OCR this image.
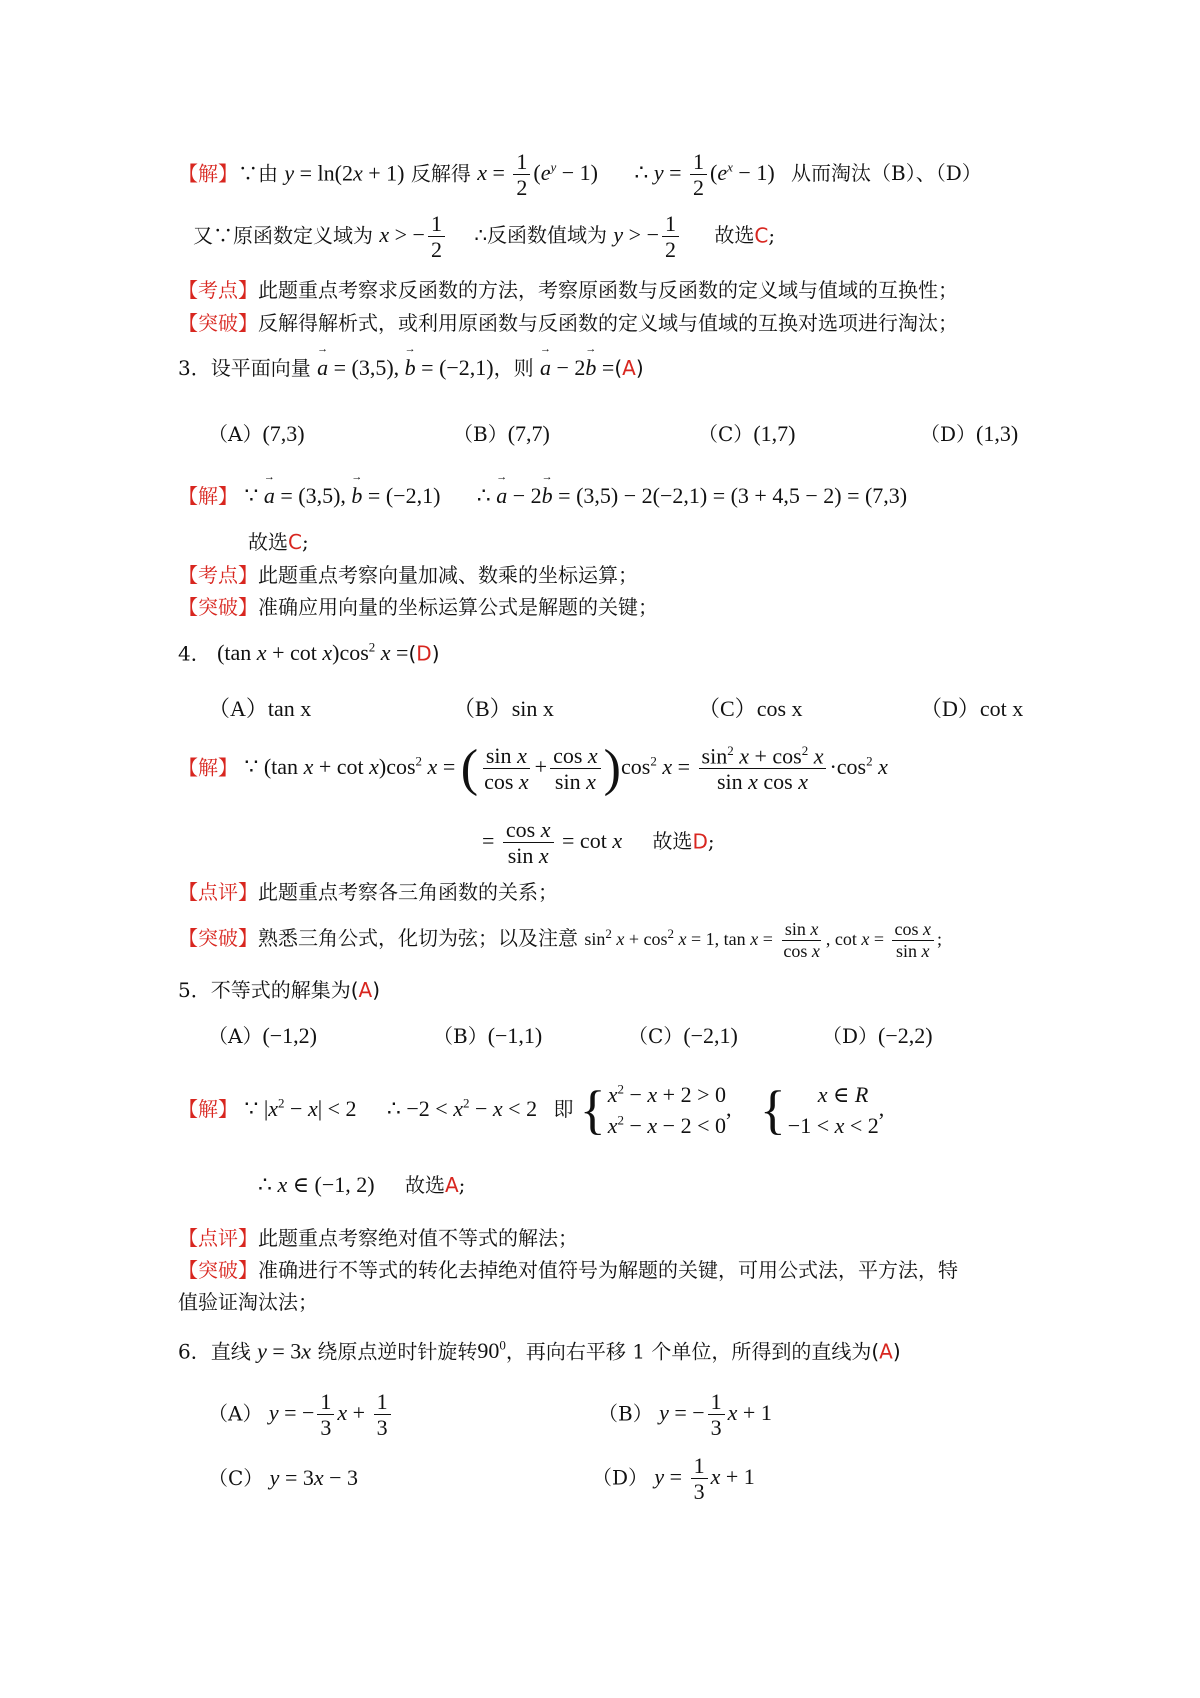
【解】∵由 y = ln(2x + 1) 反解得 $x = \frac{1}{2} (e^y - 1)$ ∴ $y = \frac{1}{2} (e^x - 1)$ 从而淘汰（B）、（D）
又∵原函数定义域为 x > − $\frac{1}{2}$ ∴反函数值域为 y > − $\frac{1}{2}$ 故选C;
【考点】此题重点考察求反函数的方法，考察原函数与反函数的定义域与值域的互换性；
【突破】反解得解析式，或利用原函数与反函数的定义域与值域的互换对选项进行淘汰；
3．设平面向量 → a = (3,5), → b = (−2,1)，则 → a − 2→ b =(A)
（A）(7,3)	（B）(7,7)	（C）(1,7)	（D）(1,3)
【解】 ∵ → a = (3,5), → b = (−2,1) ∴ → a − 2→ b = (3,5) − 2(−2,1) = (3 + 4,5 − 2) = (7,3)
故选C;
【考点】此题重点考察向量加减、数乘的坐标运算；
【突破】准确应用向量的坐标运算公式是解题的关键；
4． (tan $x + \cot x)\cos^2$ x =(D)
（A）tan x	（B）sin x	（C）cos x	（D）cot x
【解】 ∵ (tan $x + \cot x)\cos^2$ x = ( $\frac{\text{sin x}}{\text{cos x}} + \frac{\text{cos x}}{\text{sin x}} )\cos^2$ $x = \frac{\sin^2 x + \cos^2 x}{\text{sin x cos x}} \cdot\cos^2$ x
= $\frac{\text{cos x}}{\text{sin x}} = \cot x$ 故选D;
【点评】此题重点考察各三角函数的关系；
【突破】熟悉三角公式，化切为弦；以及注意 $\sin^2 x + \cos^2 x = 1$, $\tan x = \frac{\text{sin x}}{\text{cos x}}$ , $\cot x = \frac{\text{cos x}}{\text{sin x}}$ ;
5．不等式的解集为(A)
（A）(−1,2)	（B）(−1,1)	（C）(−2,1)	（D）(−2,2)
【解】 ∵ $|x^2 - x| < 2$ ∴ $-2 < x^2 - x < 2$ 即 { $x^2 - x + 2 > 0$
$x^2 - x - 2 < 0$
, {	x ∈ R
−1 < x < 2
,
∴ x ∈ (−1, 2) 故选A;
【点评】此题重点考察绝对值不等式的解法；
【突破】准确进行不等式的转化去掉绝对值符号为解题的关键，可用公式法，平方法，特
值验证淘汰法；
6．直线 y = 3x 绕原点逆时针旋转$90^0$，再向右平移 1 个单位，所得到的直线为(A)
（A） y = − $\frac{1}{3}$ $x + \frac{1}{3}$	（B） y = − $\frac{1}{3}$ x + 1
（C） y = 3x − 3	（D） $y = \frac{1}{3}$ x + 1
